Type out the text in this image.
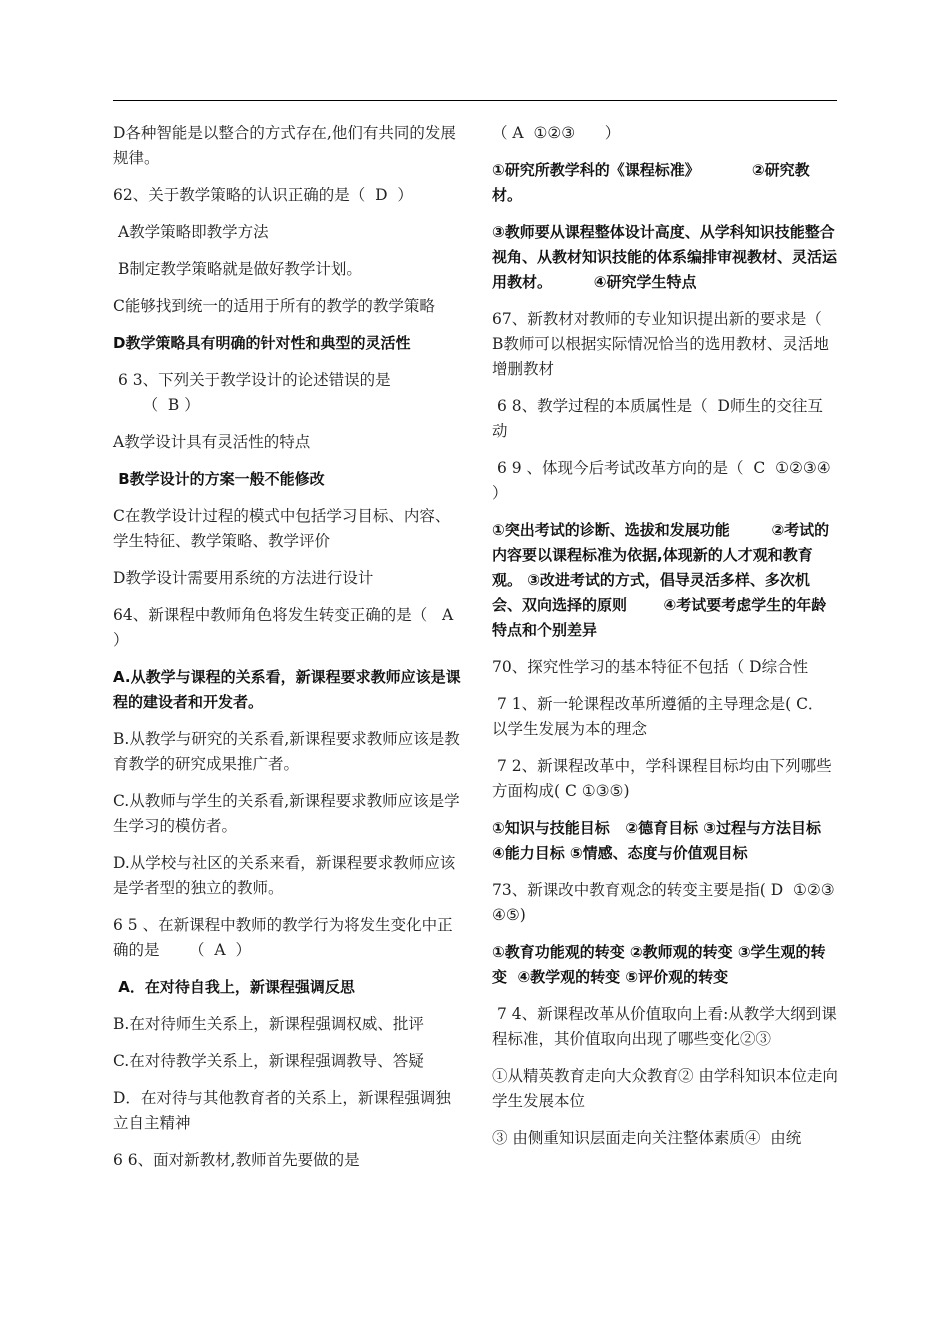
D各种智能是以整合的方式存在,他们有共同的发展规律。

62、关于教学策略的认识正确的是（  D  ）

A教学策略即教学方法

B制定教学策略就是做好教学计划。

C能够找到统一的适用于所有的教学的教学策略

D教学策略具有明确的针对性和典型的灵活性

6 3、下列关于教学设计的论述错误的是
（  B ）

A教学设计具有灵活性的特点

B教学设计的方案一般不能修改

C在教学设计过程的模式中包括学习目标、内容、学生特征、教学策略、教学评价

D教学设计需要用系统的方法进行设计

64、新课程中教师角色将发生转变正确的是（   A   ）

A.从教学与课程的关系看，新课程要求教师应该是课程的建设者和开发者。

B.从教学与研究的关系看,新课程要求教师应该是教育教学的研究成果推广者。

C.从教师与学生的关系看,新课程要求教师应该是学生学习的模仿者。

D.从学校与社区的关系来看，新课程要求教师应该是学者型的独立的教师。

6 5 、在新课程中教师的教学行为将发生变化中正确的是      （  A  ）

A．在对待自我上，新课程强调反思

B.在对待师生关系上，新课程强调权威、批评

C.在对待教学关系上，新课程强调教导、答疑

D．在对待与其他教育者的关系上，新课程强调独立自主精神

6 6、面对新教材,教师首先要做的是

（ A  ①②③      ）

①研究所教学科的《课程标准》          ②研究教材。

③教师要从课程整体设计高度、从学科知识技能整合视角、从教材知识技能的体系编排审视教材、灵活运用教材。        ④研究学生特点

67、新教材对教师的专业知识提出新的要求是（  B教师可以根据实际情况恰当的选用教材、灵活地增删教材

6 8、教学过程的本质属性是（  D师生的交往互动

6 9 、体现今后考试改革方向的是（  C  ①②③④ ）

①突出考试的诊断、选拔和发展功能        ②考试的内容要以课程标准为依据,体现新的人才观和教育观。 ③改进考试的方式，倡导灵活多样、多次机会、双向选择的原则       ④考试要考虑学生的年龄特点和个别差异

70、探究性学习的基本特征不包括（ D综合性

7 1、新一轮课程改革所遵循的主导理念是( C．以学生发展为本的理念

7 2、新课程改革中，学科课程目标均由下列哪些方面构成( C ①③⑤)

①知识与技能目标   ②德育目标 ③过程与方法目标 ④能力目标 ⑤情感、态度与价值观目标

73、新课改中教育观念的转变主要是指( D  ①②③④⑤)

①教育功能观的转变 ②教师观的转变 ③学生观的转变  ④教学观的转变 ⑤评价观的转变

7 4、新课程改革从价值取向上看:从教学大纲到课程标准，其价值取向出现了哪些变化②③

①从精英教育走向大众教育② 由学科知识本位走向学生发展本位

③ 由侧重知识层面走向关注整体素质④  由统
